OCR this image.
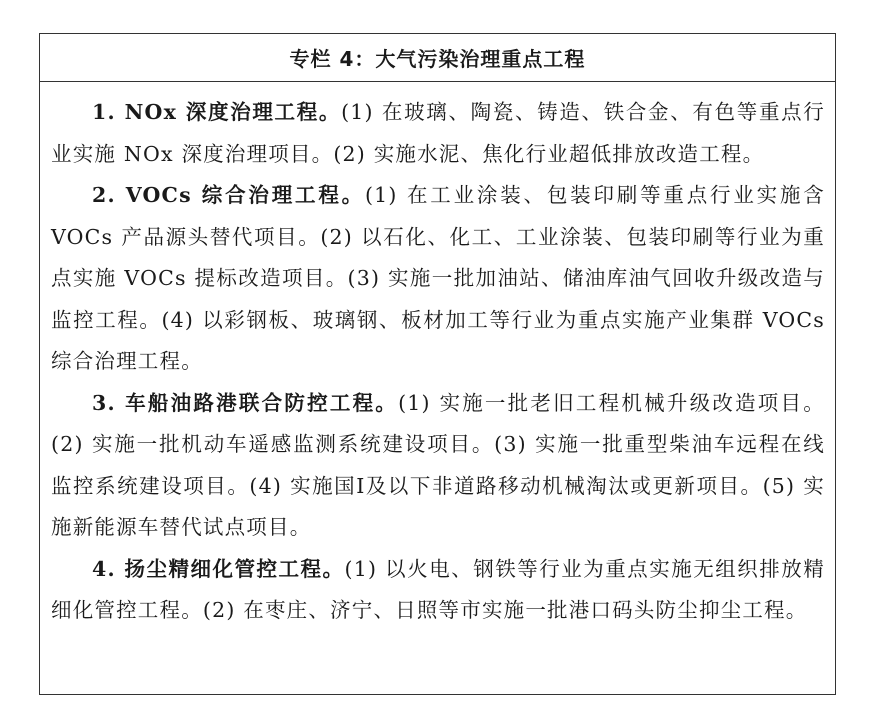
专栏 4：大气污染治理重点工程

1. NOx 深度治理工程。(1) 在玻璃、陶瓷、铸造、铁合金、有色等重点行业实施 NOx 深度治理项目。(2) 实施水泥、焦化行业超低排放改造工程。

2. VOCs 综合治理工程。(1) 在工业涂装、包装印刷等重点行业实施含 VOCs 产品源头替代项目。(2) 以石化、化工、工业涂装、包装印刷等行业为重点实施 VOCs 提标改造项目。(3) 实施一批加油站、储油库油气回收升级改造与监控工程。(4) 以彩钢板、玻璃钢、板材加工等行业为重点实施产业集群 VOCs 综合治理工程。

3. 车船油路港联合防控工程。(1) 实施一批老旧工程机械升级改造项目。(2) 实施一批机动车遥感监测系统建设项目。(3) 实施一批重型柴油车远程在线监控系统建设项目。(4) 实施国Ⅰ及以下非道路移动机械淘汰或更新项目。(5) 实施新能源车替代试点项目。

4. 扬尘精细化管控工程。(1) 以火电、钢铁等行业为重点实施无组织排放精细化管控工程。(2) 在枣庄、济宁、日照等市实施一批港口码头防尘抑尘工程。
